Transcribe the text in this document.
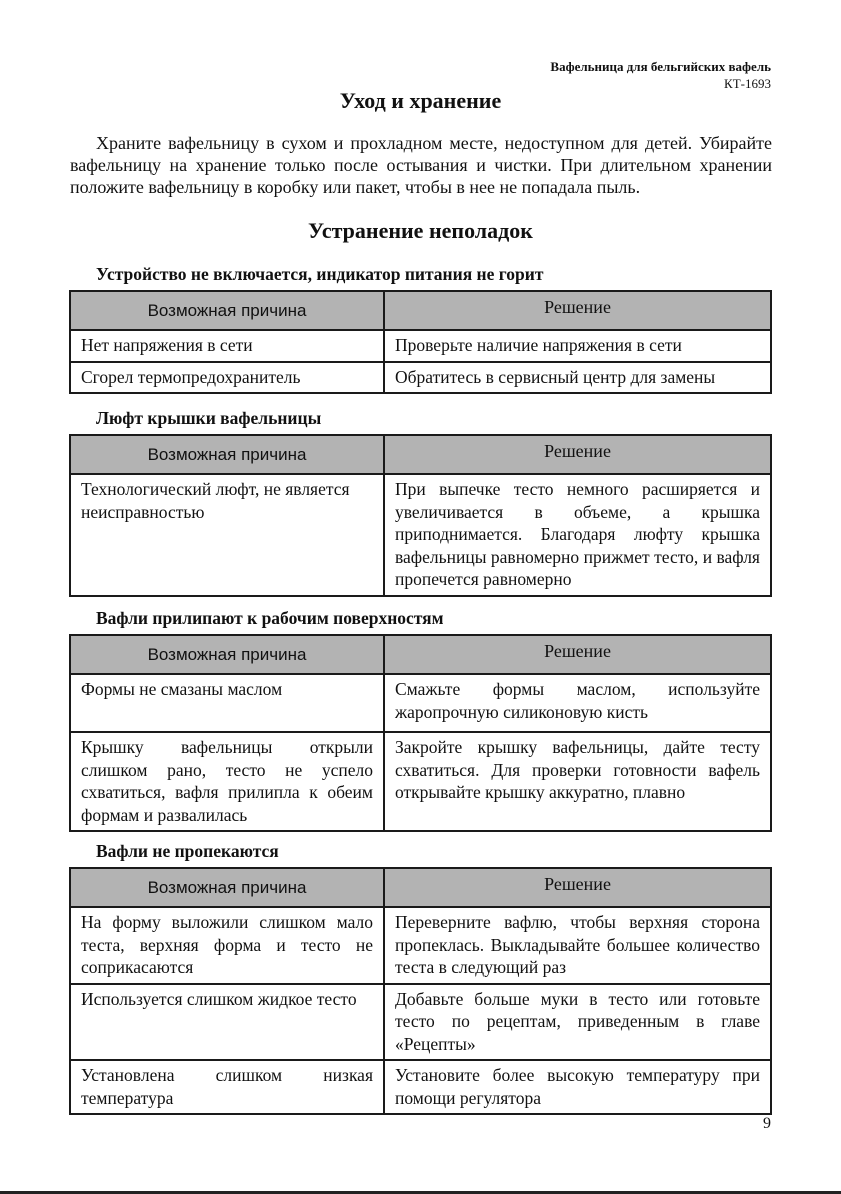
Вафельница для бельгийских вафель
КТ-1693
Уход и хранение

Храните вафельницу в сухом и прохладном месте, недоступном для детей. Убирайте вафельницу на хранение только после остывания и чистки. При длительном хранении положите вафельницу в коробку или пакет, чтобы в нее не попадала пыль.

Устранение неполадок
Устройство не включается, индикатор питания не горит
Возможная причина	Решение
Нет напряжения в сети	Проверьте наличие напряжения в сети
Сгорел термопредохранитель	Обратитесь в сервисный центр для замены
Люфт крышки вафельницы
Возможная причина	Решение
Технологический люфт, не является неисправностью	При выпечке тесто немного расширяется и увеличивается в объеме, а крышка приподнимается. Благодаря люфту крышка вафельницы равномерно прижмет тесто, и вафля пропечется равномерно
Вафли прилипают к рабочим поверхностям
Возможная причина	Решение
Формы не смазаны маслом	Смажьте формы маслом, используйте жаропрочную силиконовую кисть
Крышку вафельницы открыли слишком рано, тесто не успело схватиться, вафля прилипла к обеим формам и развалилась	Закройте крышку вафельницы, дайте тесту схватиться. Для проверки готовности вафель открывайте крышку аккуратно, плавно
Вафли не пропекаются
Возможная причина	Решение
На форму выложили слишком мало теста, верхняя форма и тесто не соприкасаются	Переверните вафлю, чтобы верхняя сторона пропеклась. Выкладывайте большее количество теста в следующий раз
Используется слишком жидкое тесто	Добавьте больше муки в тесто или готовьте тесто по рецептам, приведенным в главе «Рецепты»
Установлена слишком низкая температура	Установите более высокую температуру при помощи регулятора
9
